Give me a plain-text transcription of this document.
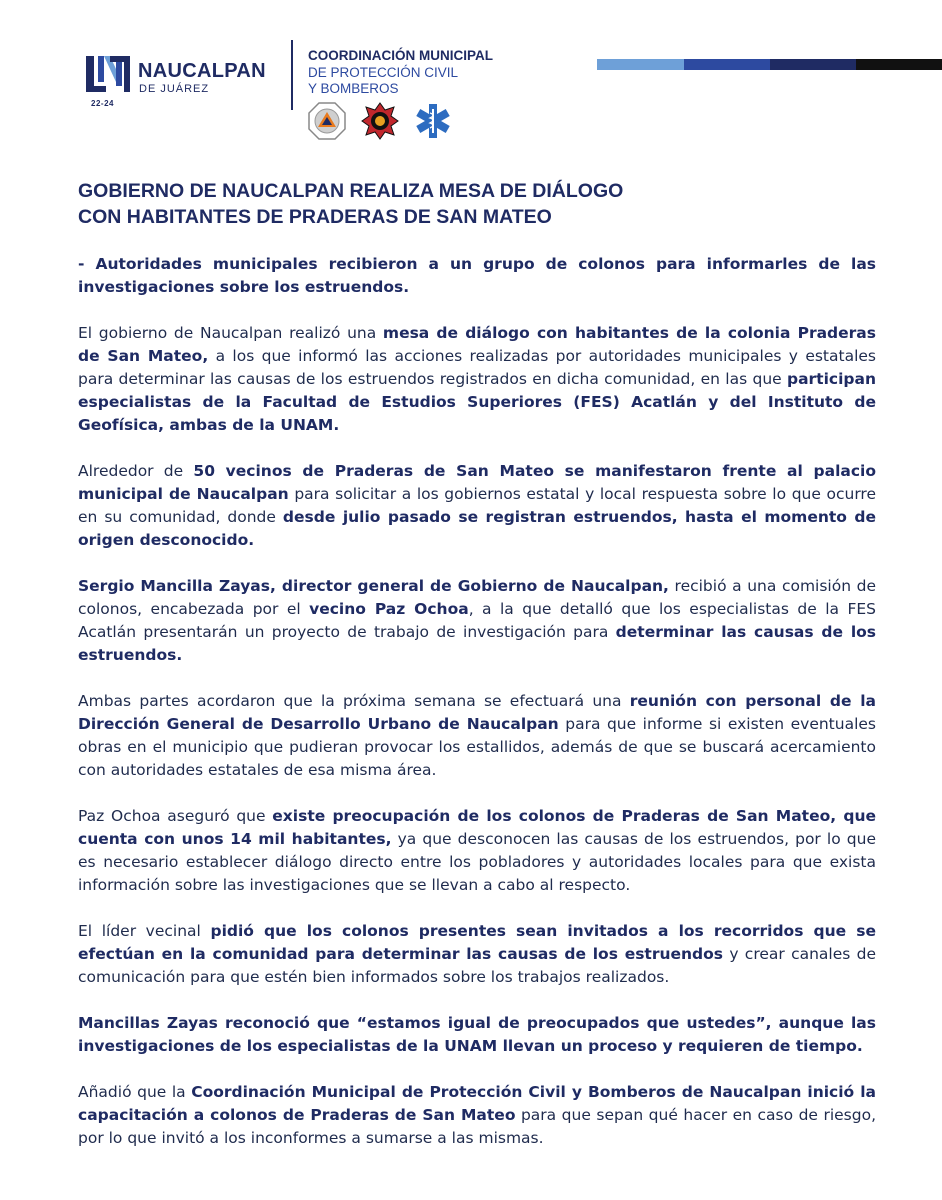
NAUCALPAN
DE JUÁREZ
22-24
COORDINACIÓN MUNICIPAL
DE PROTECCIÓN CIVIL
Y BOMBEROS
GOBIERNO DE NAUCALPAN REALIZA MESA DE DIÁLOGO
CON HABITANTES DE PRADERAS DE SAN MATEO

- Autoridades municipales recibieron a un grupo de colonos para informarles de las investigaciones sobre los estruendos.

El gobierno de Naucalpan realizó una mesa de diálogo con habitantes de la colonia Praderas de San Mateo, a los que informó las acciones realizadas por autoridades municipales y estatales para determinar las causas de los estruendos registrados en dicha comunidad, en las que participan especialistas de la Facultad de Estudios Superiores (FES) Acatlán y del Instituto de Geofísica, ambas de la UNAM.

Alrededor de 50 vecinos de Praderas de San Mateo se manifestaron frente al palacio municipal de Naucalpan para solicitar a los gobiernos estatal y local respuesta sobre lo que ocurre en su comunidad, donde desde julio pasado se registran estruendos, hasta el momento de origen desconocido.

Sergio Mancilla Zayas, director general de Gobierno de Naucalpan, recibió a una comisión de colonos, encabezada por el vecino Paz Ochoa, a la que detalló que los especialistas de la FES Acatlán presentarán un proyecto de trabajo de investigación para determinar las causas de los estruendos.

Ambas partes acordaron que la próxima semana se efectuará una reunión con personal de la Dirección General de Desarrollo Urbano de Naucalpan para que informe si existen eventuales obras en el municipio que pudieran provocar los estallidos, además de que se buscará acercamiento con autoridades estatales de esa misma área.

Paz Ochoa aseguró que existe preocupación de los colonos de Praderas de San Mateo, que cuenta con unos 14 mil habitantes, ya que desconocen las causas de los estruendos, por lo que es necesario establecer diálogo directo entre los pobladores y autoridades locales para que exista información sobre las investigaciones que se llevan a cabo al respecto.

El líder vecinal pidió que los colonos presentes sean invitados a los recorridos que se efectúan en la comunidad para determinar las causas de los estruendos y crear canales de comunicación para que estén bien informados sobre los trabajos realizados.

Mancillas Zayas reconoció que “estamos igual de preocupados que ustedes”, aunque las investigaciones de los especialistas de la UNAM llevan un proceso y requieren de tiempo.

Añadió que la Coordinación Municipal de Protección Civil y Bomberos de Naucalpan inició la capacitación a colonos de Praderas de San Mateo para que sepan qué hacer en caso de riesgo, por lo que invitó a los inconformes a sumarse a las mismas.
